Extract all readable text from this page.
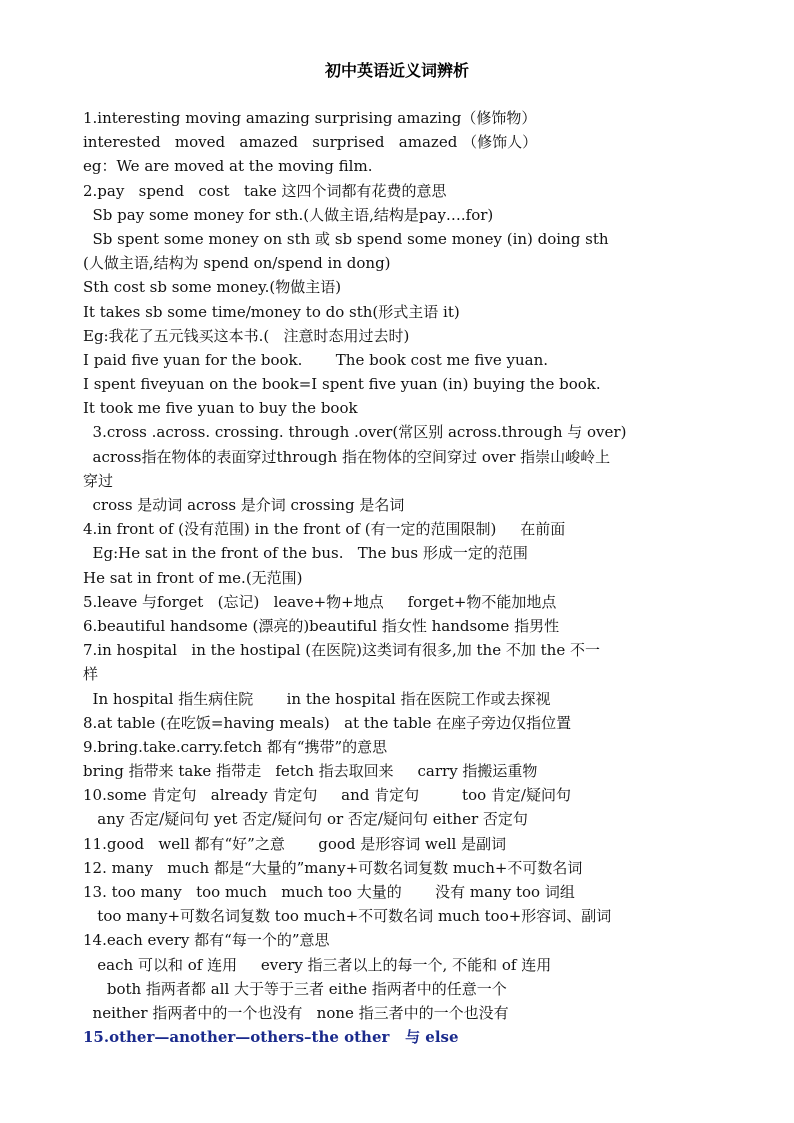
初中英语近义词辨析
1.interesting moving amazing surprising amazing（修饰物）
interested   moved   amazed   surprised   amazed （修饰人）
eg：We are moved at the moving film.
2.pay   spend   cost   take 这四个词都有花费的意思
Sb pay some money for sth.(人做主语,结构是pay….for)
Sb spent some money on sth 或 sb spend some money (in) doing sth
(人做主语,结构为 spend on/spend in dong)
Sth cost sb some money.(物做主语)
It takes sb some time/money to do sth(形式主语 it)
Eg:我花了五元钱买这本书.(   注意时态用过去时)
I paid five yuan for the book.       The book cost me five yuan.
I spent fiveyuan on the book=I spent five yuan (in) buying the book.
It took me five yuan to buy the book
3.cross .across. crossing. through .over(常区别 across.through 与 over)
across指在物体的表面穿过through 指在物体的空间穿过 over 指崇山峻岭上
穿过
cross 是动词 across 是介词 crossing 是名词
4.in front of (没有范围) in the front of (有一定的范围限制)     在前面
Eg:He sat in the front of the bus.   The bus 形成一定的范围
He sat in front of me.(无范围)
5.leave 与forget   (忘记)   leave+物+地点     forget+物不能加地点
6.beautiful handsome (漂亮的)beautiful 指女性 handsome 指男性
7.in hospital   in the hostipal (在医院)这类词有很多,加 the 不加 the 不一
样
In hospital 指生病住院       in the hospital 指在医院工作或去探视
8.at table (在吃饭=having meals)   at the table 在座子旁边仅指位置
9.bring.take.carry.fetch 都有“携带”的意思
bring 指带来 take 指带走   fetch 指去取回来     carry 指搬运重物
10.some 肯定句   already 肯定句     and 肯定句         too 肯定/疑问句
any 否定/疑问句 yet 否定/疑问句 or 否定/疑问句 either 否定句
11.good   well 都有“好”之意       good 是形容词 well 是副词
12. many   much 都是“大量的”many+可数名词复数 much+不可数名词
13. too many   too much   much too 大量的       没有 many too 词组
too many+可数名词复数 too much+不可数名词 much too+形容词、副词
14.each every 都有“每一个的”意思
each 可以和 of 连用     every 指三者以上的每一个, 不能和 of 连用
both 指两者都 all 大于等于三者 eithe 指两者中的任意一个
neither 指两者中的一个也没有   none 指三者中的一个也没有
15.other—another—others–the other   与 else
